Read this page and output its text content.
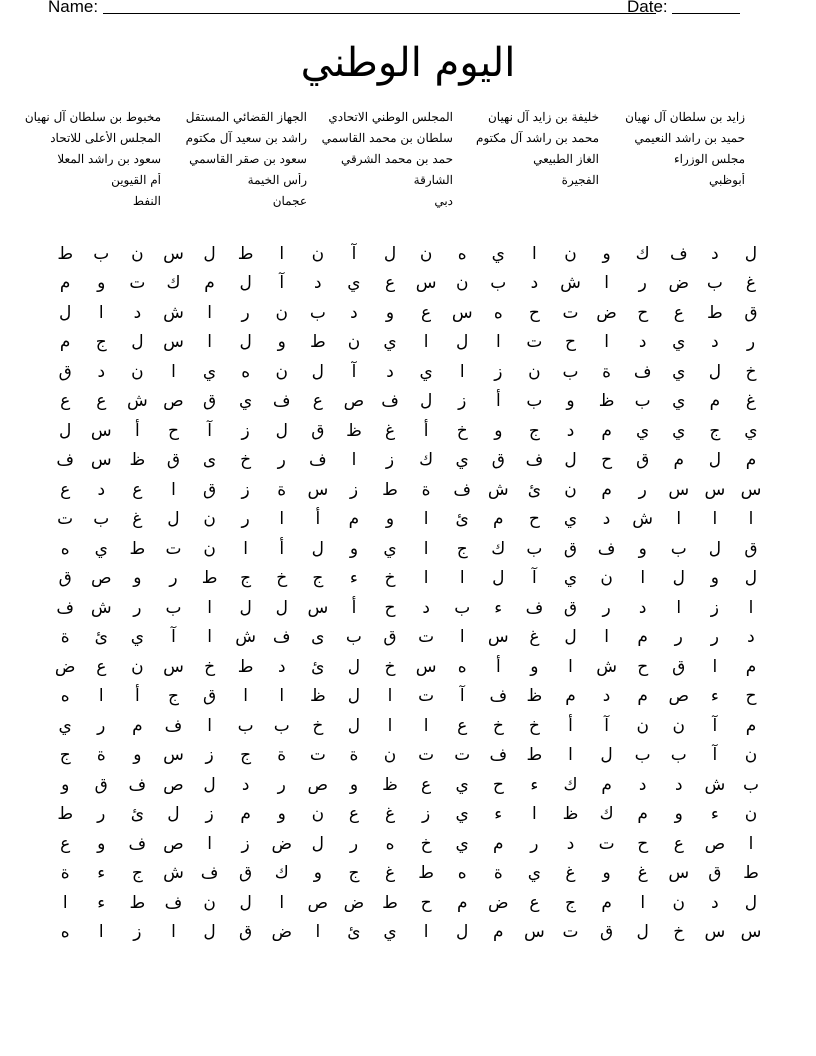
Name:	Date:
اليوم الوطني
زايد بن سلطان آل نهيان
خليفة بن زايد آل نهيان
المجلس الوطني الاتحادي
الجهاز القضائي المستقل
مخبوط بن سلطان آل نهيان
حميد بن راشد النعيمي
محمد بن راشد آل مكتوم
سلطان بن محمد القاسمي
راشد بن سعيد آل مكتوم
المجلس الأعلى للاتحاد
مجلس الوزراء
الغاز الطبيعي
حمد بن محمد الشرقي
سعود بن صقر القاسمي
سعود بن راشد المعلا
أبوظبي
الفجيرة
الشارقة
رأس الخيمة
أم القيوين
دبي
عجمان
النفط
ل
د
ف
ك
و
ن
ا
ي
ه
ن
ل
آ
ن
ا
ط
ل
س
ن
ب
ط
غ
ب
ض
ر
ا
ش
د
ب
ن
س
ع
ي
د
آ
ل
م
ك
ت
و
م
ق
ط
ع
ح
ض
ت
ح
ه
س
ع
و
د
ب
ن
ر
ا
ش
د
ا
ل
ر
د
ي
د
ا
ح
ت
ا
ل
ا
ي
ن
ط
و
ل
ا
س
ل
ج
م
خ
ل
ي
ف
ة
ب
ن
ز
ا
ي
د
آ
ل
ن
ه
ي
ا
ن
د
ق
غ
م
ي
ب
ظ
و
ب
أ
ز
ل
ف
ص
ع
ف
ي
ق
ص
ش
ع
ع
ي
ج
ي
ي
م
د
ج
و
خ
أ
غ
ظ
ق
ل
ز
آ
ح
أ
س
ل
م
ل
م
ق
ح
ل
ف
ق
ي
ك
ز
ا
ف
ر
خ
ى
ق
ظ
س
ف
س
س
س
ر
م
ن
ئ
ش
ف
ة
ط
ز
س
ة
ز
ق
ا
ع
د
ع
ا
ا
ا
ش
د
ي
ح
م
ئ
ا
و
م
أ
ا
ر
ن
ل
غ
ب
ت
ق
ل
ب
و
ف
ق
ب
ك
ج
ا
ي
و
ل
أ
ا
ن
ت
ط
ي
ه
ل
و
ل
ا
ن
ي
آ
ل
ا
ا
خ
ء
ج
خ
ج
ط
ر
و
ص
ق
ا
ز
ا
د
ر
ق
ف
ء
ب
د
ح
أ
س
ل
ل
ا
ب
ر
ش
ف
د
ر
ر
م
ا
ل
غ
س
ا
ت
ق
ب
ى
ف
ش
ا
آ
ي
ئ
ة
م
ا
ق
ح
ش
ا
و
أ
ه
س
خ
ل
ئ
د
ط
خ
س
ن
ع
ض
ح
ء
ص
م
د
م
ظ
ف
آ
ت
ا
ل
ظ
ا
ا
ق
ج
أ
ا
ه
م
آ
ن
ن
آ
أ
خ
خ
ع
ا
ا
ل
خ
ب
ب
ا
ف
م
ر
ي
ن
آ
ب
ب
ل
ا
ط
ف
ت
ت
ن
ة
ت
ة
ج
ز
س
و
ة
ج
ب
ش
د
د
م
ك
ء
ح
ي
ع
ظ
و
ص
ر
د
ل
ص
ف
ق
و
ن
ء
و
م
ك
ظ
ا
ء
ي
ز
غ
ع
ن
و
م
ز
ل
ئ
ر
ط
ا
ص
ع
ح
ت
د
ر
م
ي
خ
ه
ر
ل
ض
ز
ا
ص
ف
و
ع
ط
ق
س
غ
و
غ
ي
ة
ه
ط
غ
ج
و
ك
ق
ف
ش
ج
ء
ة
ل
د
ن
ا
م
ج
ع
ض
م
ح
ط
ض
ص
ا
ل
ن
ف
ط
ء
ا
س
س
خ
ل
ق
ت
س
م
ل
ا
ي
ئ
ا
ض
ق
ل
ا
ز
ا
ه
